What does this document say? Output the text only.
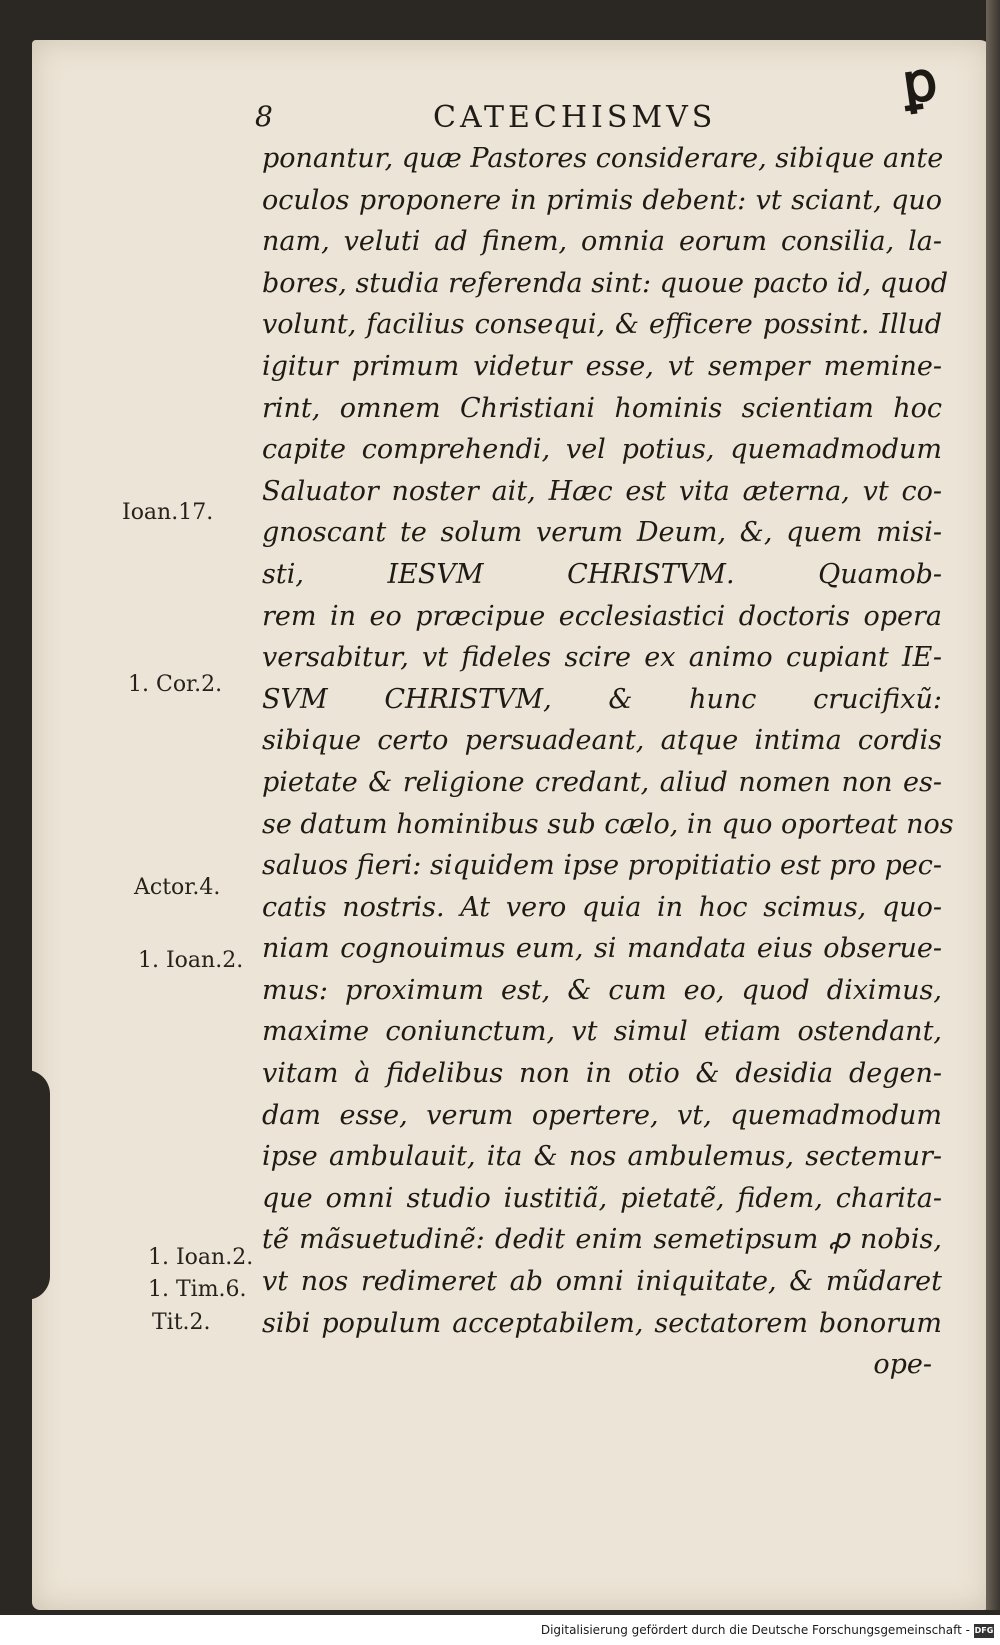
ꝑ
8	CATECHISMVS
ponantur, quæ Pastores considerare, sibique ante
oculos proponere in primis debent: vt sciant, quo
nam, veluti ad finem, omnia eorum consilia, la-
bores, studia referenda sint: quoue pacto id, quod
volunt, facilius consequi, & efficere possint. Illud
igitur primum videtur esse, vt semper memine-
rint, omnem Christiani hominis scientiam hoc
capite comprehendi, vel potius, quemadmodum
Saluator noster ait, Hæc est vita æterna, vt co-
gnoscant te solum verum Deum, &, quem misi-
sti, IESVM CHRISTVM. Quamob-
rem in eo præcipue ecclesiastici doctoris opera
versabitur, vt fideles scire ex animo cupiant IE-
SVM CHRISTVM, & hunc crucifixũ:
sibique certo persuadeant, atque intima cordis
pietate & religione credant, aliud nomen non es-
se datum hominibus sub cælo, in quo oporteat nos
saluos fieri: siquidem ipse propitiatio est pro pec-
catis nostris. At vero quia in hoc scimus, quo-
niam cognouimus eum, si mandata eius obserue-
mus: proximum est, & cum eo, quod diximus,
maxime coniunctum, vt simul etiam ostendant,
vitam à fidelibus non in otio & desidia degen-
dam esse, verum opertere, vt, quemadmodum
ipse ambulauit, ita & nos ambulemus, sectemur-
que omni studio iustitiã, pietatẽ, fidem, charita-
tẽ mãsuetudinẽ: dedit enim semetipsum ꝓ nobis,
vt nos redimeret ab omni iniquitate, & mũdaret
sibi populum acceptabilem, sectatorem bonorum
ope-
Ioan.17.
1. Cor.2.
Actor.4.
1. Ioan.2.
1. Ioan.2.
1. Tim.6.
Tit.2.
Digitalisierung gefördert durch die Deutsche Forschungsgemeinschaft - DFG
